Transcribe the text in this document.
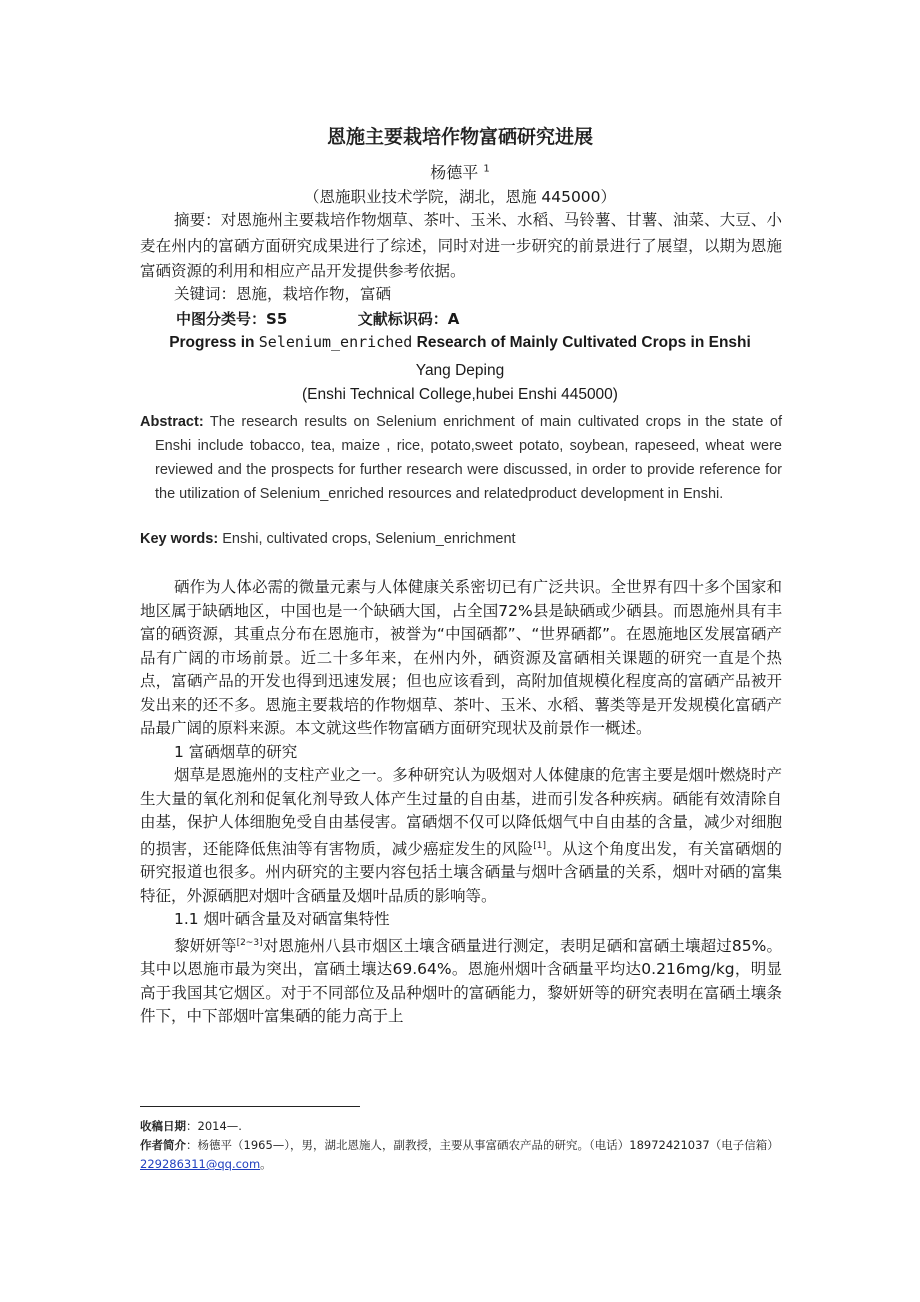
恩施主要栽培作物富硒研究进展
杨德平 $^1$
（恩施职业技术学院，湖北，恩施 445000）
摘要：对恩施州主要栽培作物烟草、茶叶、玉米、水稻、马铃薯、甘薯、油菜、大豆、小麦在州内的富硒方面研究成果进行了综述，同时对进一步研究的前景进行了展望，以期为恩施富硒资源的利用和相应产品开发提供参考依据。
关键词：恩施，栽培作物，富硒
中图分类号：S5	文献标识码：A
Progress in Selenium_enriched Research of Mainly Cultivated Crops in Enshi
Yang Deping
(Enshi Technical College,hubei Enshi 445000)
Abstract: The research results on Selenium enrichment of main cultivated crops in the state of Enshi include tobacco, tea, maize , rice, potato,sweet potato, soybean, rapeseed, wheat were reviewed and the prospects for further research were discussed, in order to provide reference for the utilization of Selenium_enriched resources and relatedproduct development in Enshi.
Key words: Enshi, cultivated crops, Selenium_enrichment

硒作为人体必需的微量元素与人体健康关系密切已有广泛共识。全世界有四十多个国家和地区属于缺硒地区，中国也是一个缺硒大国，占全国72%县是缺硒或少硒县。而恩施州具有丰富的硒资源，其重点分布在恩施市，被誉为“中国硒都”、“世界硒都”。在恩施地区发展富硒产品有广阔的市场前景。近二十多年来，在州内外，硒资源及富硒相关课题的研究一直是个热点，富硒产品的开发也得到迅速发展；但也应该看到，高附加值规模化程度高的富硒产品被开发出来的还不多。恩施主要栽培的作物烟草、茶叶、玉米、水稻、薯类等是开发规模化富硒产品最广阔的原料来源。本文就这些作物富硒方面研究现状及前景作一概述。

1 富硒烟草的研究

烟草是恩施州的支柱产业之一。多种研究认为吸烟对人体健康的危害主要是烟叶燃烧时产生大量的氧化剂和促氧化剂导致人体产生过量的自由基，进而引发各种疾病。硒能有效清除自由基，保护人体细胞免受自由基侵害。富硒烟不仅可以降低烟气中自由基的含量，减少对细胞的损害，还能降低焦油等有害物质，减少癌症发生的风险[1]。从这个角度出发，有关富硒烟的研究报道也很多。州内研究的主要内容包括土壤含硒量与烟叶含硒量的关系，烟叶对硒的富集特征，外源硒肥对烟叶含硒量及烟叶品质的影响等。

1.1 烟叶硒含量及对硒富集特性

黎妍妍等[2~3]对恩施州八县市烟区土壤含硒量进行测定，表明足硒和富硒土壤超过85%。其中以恩施市最为突出，富硒土壤达69.64%。恩施州烟叶含硒量平均达0.216mg/kg，明显高于我国其它烟区。对于不同部位及品种烟叶的富硒能力，黎妍妍等的研究表明在富硒土壤条件下，中下部烟叶富集硒的能力高于上

收稿日期：2014—.
作者简介：杨德平（1965—），男，湖北恩施人，副教授，主要从事富硒农产品的研究。（电话）18972421037（电子信箱）229286311@qq.com。
